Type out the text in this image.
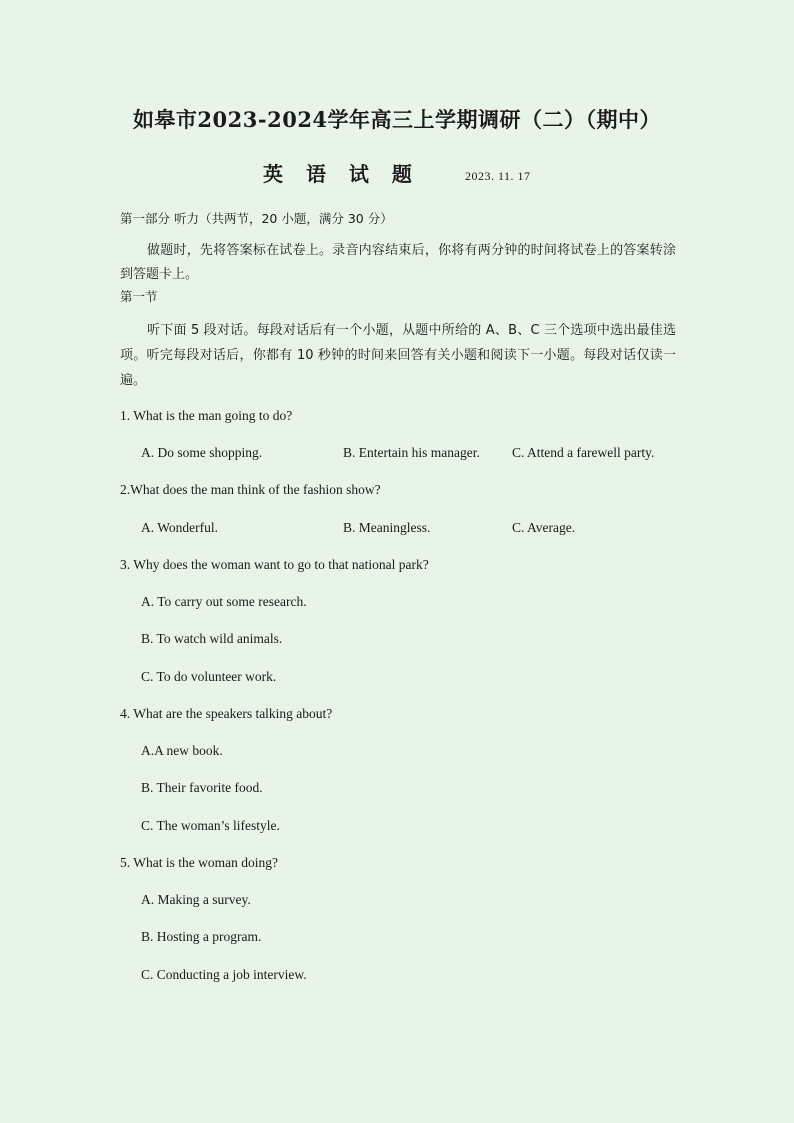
如皋市2023-2024学年高三上学期调研（二）（期中）
英 语 试 题	2023. 11. 17
第一部分 听力（共两节，20 小题，满分 30 分）
做题时，先将答案标在试卷上。录音内容结束后，你将有两分钟的时间将试卷上的答案转涂到答题卡上。
第一节
听下面 5 段对话。每段对话后有一个小题，从题中所给的 A、B、C 三个选项中选出最佳选项。听完每段对话后，你都有 10 秒钟的时间来回答有关小题和阅读下一小题。每段对话仅读一遍。
1. What is the man going to do?
A. Do some shopping.	B. Entertain his manager. C. Attend a farewell party.
2.What does the man think of the fashion show?
A. Wonderful.	B. Meaningless.	C. Average.
3. Why does the woman want to go to that national park?
A. To carry out some research.
B. To watch wild animals.
C. To do volunteer work.
4. What are the speakers talking about?
A.A new book.
B. Their favorite food.
C. The woman’s lifestyle.
5. What is the woman doing?
A. Making a survey.
B. Hosting a program.
C. Conducting a job interview.
